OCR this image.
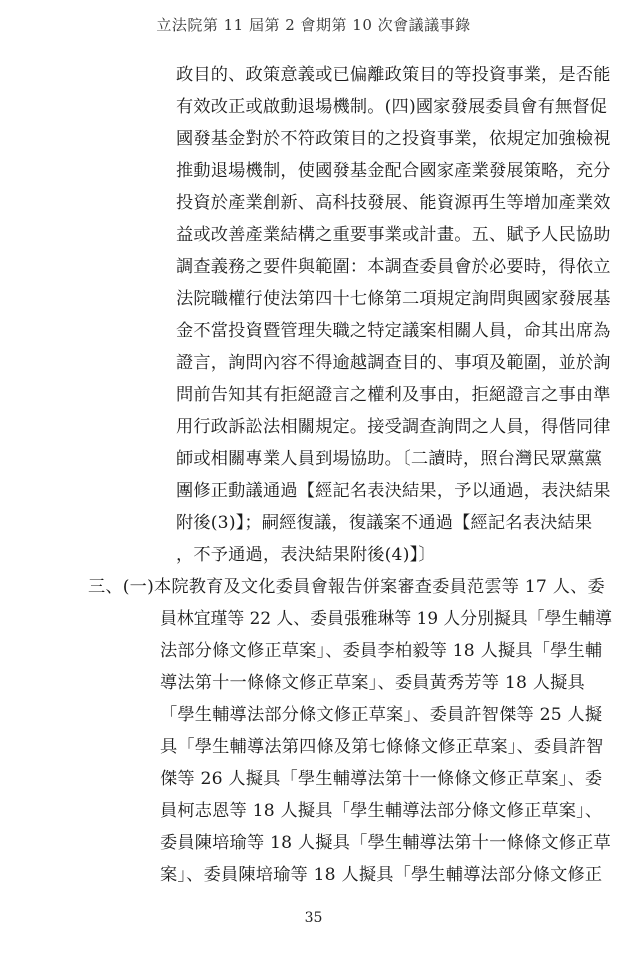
立法院第 11 屆第 2 會期第 10 次會議議事錄
政目的、政策意義或已偏離政策目的等投資事業，是否能
有效改正或啟動退場機制。(四)國家發展委員會有無督促
國發基金對於不符政策目的之投資事業，依規定加強檢視
推動退場機制，使國發基金配合國家產業發展策略，充分
投資於產業創新、高科技發展、能資源再生等增加產業效
益或改善產業結構之重要事業或計畫。五、賦予人民協助
調查義務之要件與範圍：本調查委員會於必要時，得依立
法院職權行使法第四十七條第二項規定詢問與國家發展基
金不當投資暨管理失職之特定議案相關人員，命其出席為
證言，詢問內容不得逾越調查目的、事項及範圍，並於詢
問前告知其有拒絕證言之權利及事由，拒絕證言之事由準
用行政訴訟法相關規定。接受調查詢問之人員，得偕同律
師或相關專業人員到場協助。〔二讀時，照台灣民眾黨黨
團修正動議通過【經記名表決結果，予以通過，表決結果
附後(3)】；嗣經復議，復議案不通過【經記名表決結果
，不予通過，表決結果附後(4)】〕
三、(一)本院教育及文化委員會報告併案審查委員范雲等 17 人、委
員林宜瑾等 22 人、委員張雅琳等 19 人分別擬具「學生輔導
法部分條文修正草案」、委員李柏毅等 18 人擬具「學生輔
導法第十一條條文修正草案」、委員黃秀芳等 18 人擬具
「學生輔導法部分條文修正草案」、委員許智傑等 25 人擬
具「學生輔導法第四條及第七條條文修正草案」、委員許智
傑等 26 人擬具「學生輔導法第十一條條文修正草案」、委
員柯志恩等 18 人擬具「學生輔導法部分條文修正草案」、
委員陳培瑜等 18 人擬具「學生輔導法第十一條條文修正草
案」、委員陳培瑜等 18 人擬具「學生輔導法部分條文修正
35
